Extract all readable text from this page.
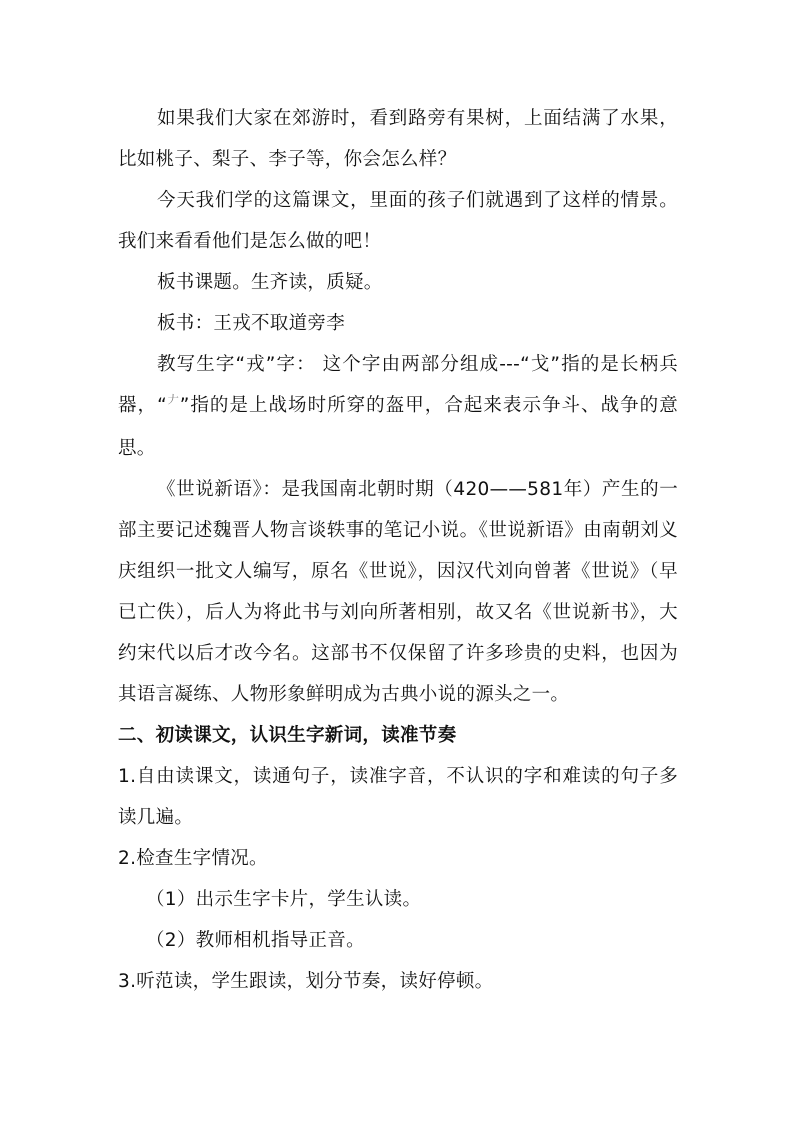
如果我们大家在郊游时，看到路旁有果树，上面结满了水果，比如桃子、梨子、李子等，你会怎么样？

今天我们学的这篇课文，里面的孩子们就遇到了这样的情景。我们来看看他们是怎么做的吧！

板书课题。生齐读，质疑。

板书：王戎不取道旁李

教写生字“戎”字： 这个字由两部分组成---“戈”指的是长柄兵器，“$^𠂇$”指的是上战场时所穿的盔甲，合起来表示争斗、战争的意思。

《世说新语》：是我国南北朝时期（420——581年）产生的一部主要记述魏晋人物言谈轶事的笔记小说。《世说新语》由南朝刘义庆组织一批文人编写，原名《世说》，因汉代刘向曾著《世说》（早已亡佚），后人为将此书与刘向所著相别，故又名《世说新书》，大约宋代以后才改今名。这部书不仅保留了许多珍贵的史料，也因为其语言凝练、人物形象鲜明成为古典小说的源头之一。

二、初读课文，认识生字新词，读准节奏

1.自由读课文，读通句子，读准字音，不认识的字和难读的句子多读几遍。

2.检查生字情况。

（1）出示生字卡片，学生认读。

（2）教师相机指导正音。

3.听范读，学生跟读，划分节奏，读好停顿。
